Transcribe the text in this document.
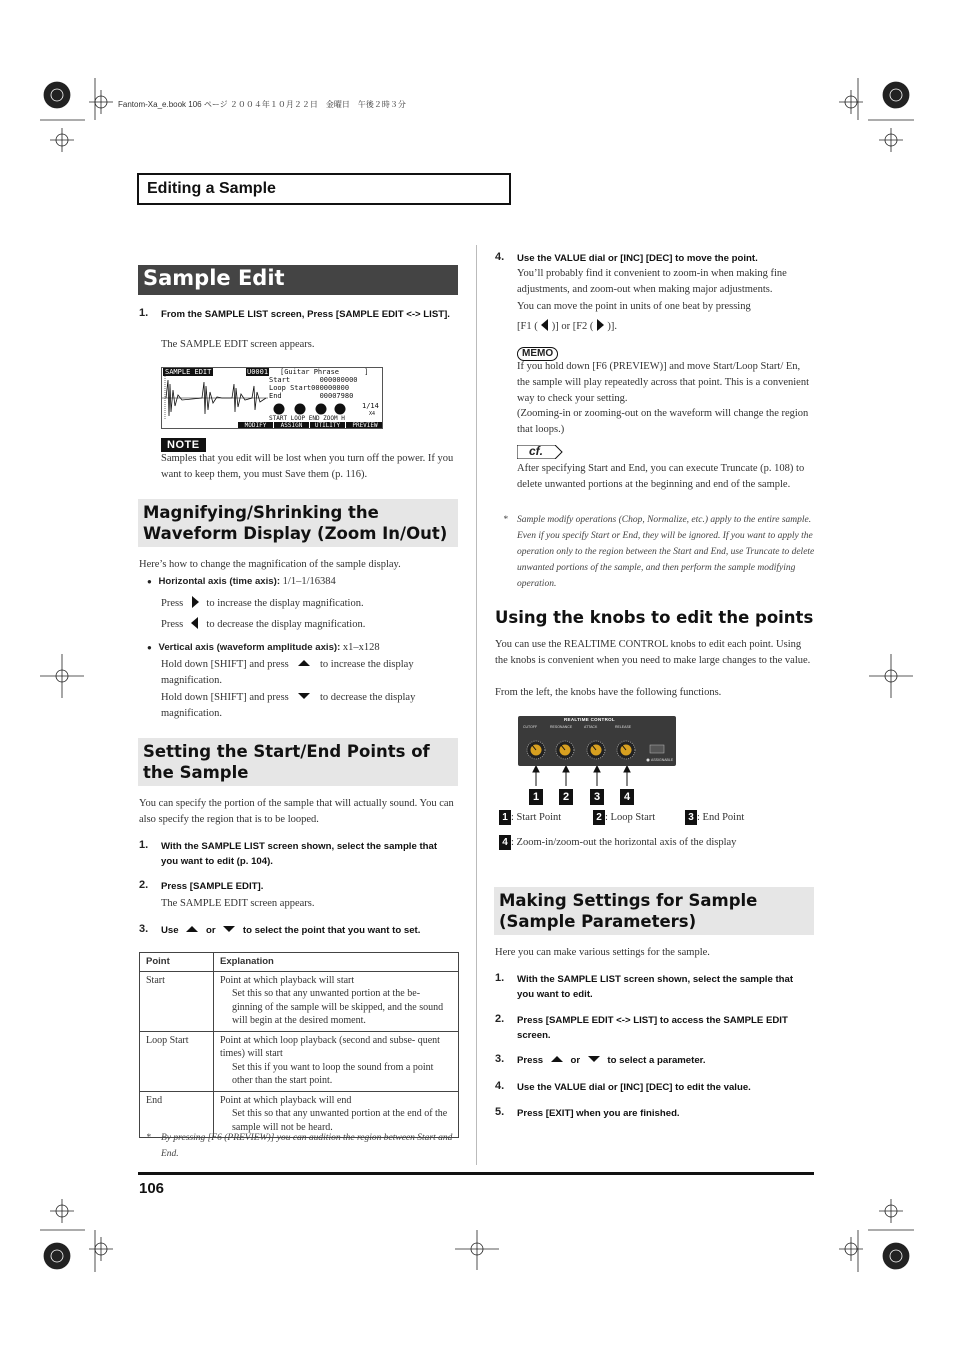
Fantom-Xa_e.book 106 ページ ２００４年１０月２２日　金曜日　午後２時３分
Editing a Sample
Sample Edit
1. From the SAMPLE LIST screen, Press [SAMPLE EDIT <-> LIST].
The SAMPLE EDIT screen appears.
SAMPLE EDIT	U0001 [Guitar Phrase      ]
Start       000000000
Loop Start000000000
End         00007980
1/14
X4
START LOOP END ZOOM H
MODIFY	ASSIGN	UTILITY	PREVIEW
NOTE
Samples that you edit will be lost when you turn off the power. If you want to keep them, you must Save them (p. 116).
Magnifying/Shrinking the Waveform Display (Zoom In/Out)
Here’s how to change the magnification of the sample display.
● Horizontal axis (time axis): 1/1–1/16384
Press to increase the display magnification.
Press to decrease the display magnification.
● Vertical axis (waveform amplitude axis): x1–x128
Hold down [SHIFT] and press	to increase the display magnification.
Hold down [SHIFT] and press	to decrease the display magnification.
Setting the Start/End Points of the Sample
You can specify the portion of the sample that will actually sound. You can also specify the region that is to be looped.
1. With the SAMPLE LIST screen shown, select the sample that you want to edit (p. 104).
2. Press [SAMPLE EDIT].
The SAMPLE EDIT screen appears.
3. Use	or	to select the point that you want to set.
Point	Explanation
Start	Point at which playback will start
Set this so that any unwanted portion at the be- ginning of the sample will be skipped, and the sound will begin at the desired moment.

Loop Start	Point at which loop playback (second and subse- quent times) will start
Set this if you want to loop the sound from a point other than the start point.

End	Point at which playback will end
Set this so that any unwanted portion at the end of the sample will not be heard.
* By pressing [F6 (PREVIEW)] you can audition the region between Start and End.
4. Use the VALUE dial or [INC] [DEC] to move the point.
You’ll probably find it convenient to zoom-in when making fine adjustments, and zoom-out when making major adjustments.
You can move the point in units of one beat by pressing
[F1 ( )] or [F2 ( )].
MEMO
If you hold down [F6 (PREVIEW)] and move Start/Loop Start/ En, the sample will play repeatedly across that point. This is a convenient way to check your setting.
(Zooming-in or zooming-out on the waveform will change the region that loops.)
cf.
After specifying Start and End, you can execute Truncate (p. 108) to delete unwanted portions at the beginning and end of the sample.
* Sample modify operations (Chop, Normalize, etc.) apply to the entire sample. Even if you specify Start or End, they will be ignored. If you want to apply the operation only to the region between the Start and End, use Truncate to delete unwanted portions of the sample, and then perform the sample modifying operation.
Using the knobs to edit the points
You can use the REALTIME CONTROL knobs to edit each point. Using the knobs is convenient when you need to make large changes to the value.
From the left, the knobs have the following functions.
REALTIME CONTROL
CUTOFF	RESONANCE	ATTACK	RELEASE
ASSIGNABLE
1	2	3	4
1 : Start Point	2 : Loop Start	3 : End Point
4 : Zoom-in/zoom-out the horizontal axis of the display
Making Settings for Sample (Sample Parameters)
Here you can make various settings for the sample.
1. With the SAMPLE LIST screen shown, select the sample that you want to edit.
2. Press [SAMPLE EDIT <-> LIST] to access the SAMPLE EDIT screen.
3. Press	or	to select a parameter.
4. Use the VALUE dial or [INC] [DEC] to edit the value.
5. Press [EXIT] when you are finished.
106
